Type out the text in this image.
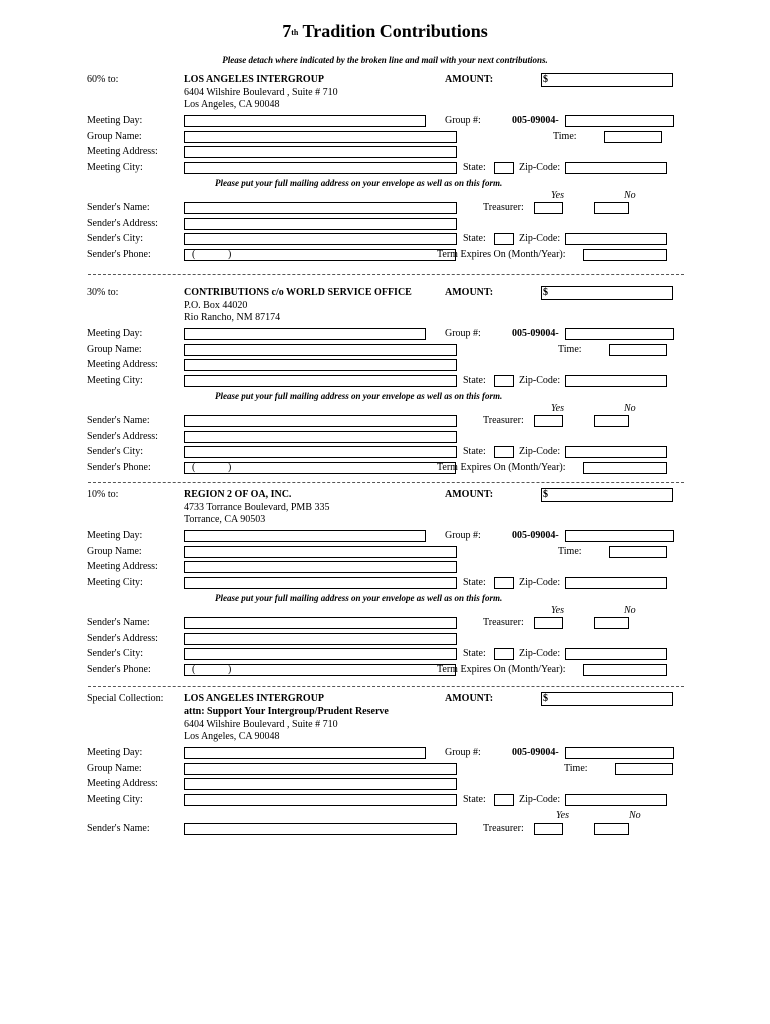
7th Tradition Contributions
Please detach where indicated by the broken line and mail with your next contributions.
60% to:	LOS ANGELES INTERGROUP	AMOUNT:	$
6404 Wilshire Boulevard , Suite # 710
Los Angeles, CA 90048
Meeting Day:	Group #:	005-09004-
Group Name:	Time:
Meeting Address:
Meeting City:	State:	Zip-Code:
Please put your full mailing address on your envelope as well as on this form.
Yes	No
Sender's Name:	Treasurer:
Sender's Address:
Sender's City:	State:	Zip-Code:
Sender's Phone:	(	)	Term Expires On (Month/Year):
30% to:	CONTRIBUTIONS c/o WORLD SERVICE OFFICE	AMOUNT:	$
P.O. Box 44020
Rio Rancho, NM 87174
Meeting Day:	Group #:	005-09004-
Group Name:	Time:
Meeting Address:
Meeting City:	State:	Zip-Code:
Please put your full mailing address on your envelope as well as on this form.
Yes	No
Sender's Name:	Treasurer:
Sender's Address:
Sender's City:	State:	Zip-Code:
Sender's Phone:	(	)	Term Expires On (Month/Year):
10% to:	REGION 2 OF OA, INC.	AMOUNT:	$
4733 Torrance Boulevard, PMB 335
Torrance, CA 90503
Meeting Day:	Group #:	005-09004-
Group Name:	Time:
Meeting Address:
Meeting City:	State:	Zip-Code:
Please put your full mailing address on your envelope as well as on this form.
Yes	No
Sender's Name:	Treasurer:
Sender's Address:
Sender's City:	State:	Zip-Code:
Sender's Phone:	(	)	Term Expires On (Month/Year):
Special Collection: LOS ANGELES INTERGROUP	AMOUNT:	$
attn: Support Your Intergroup/Prudent Reserve
6404 Wilshire Boulevard , Suite # 710
Los Angeles, CA 90048
Meeting Day:	Group #:	005-09004-
Group Name:	Time:
Meeting Address:
Meeting City:	State:	Zip-Code:
Yes	No
Sender's Name:	Treasurer:
